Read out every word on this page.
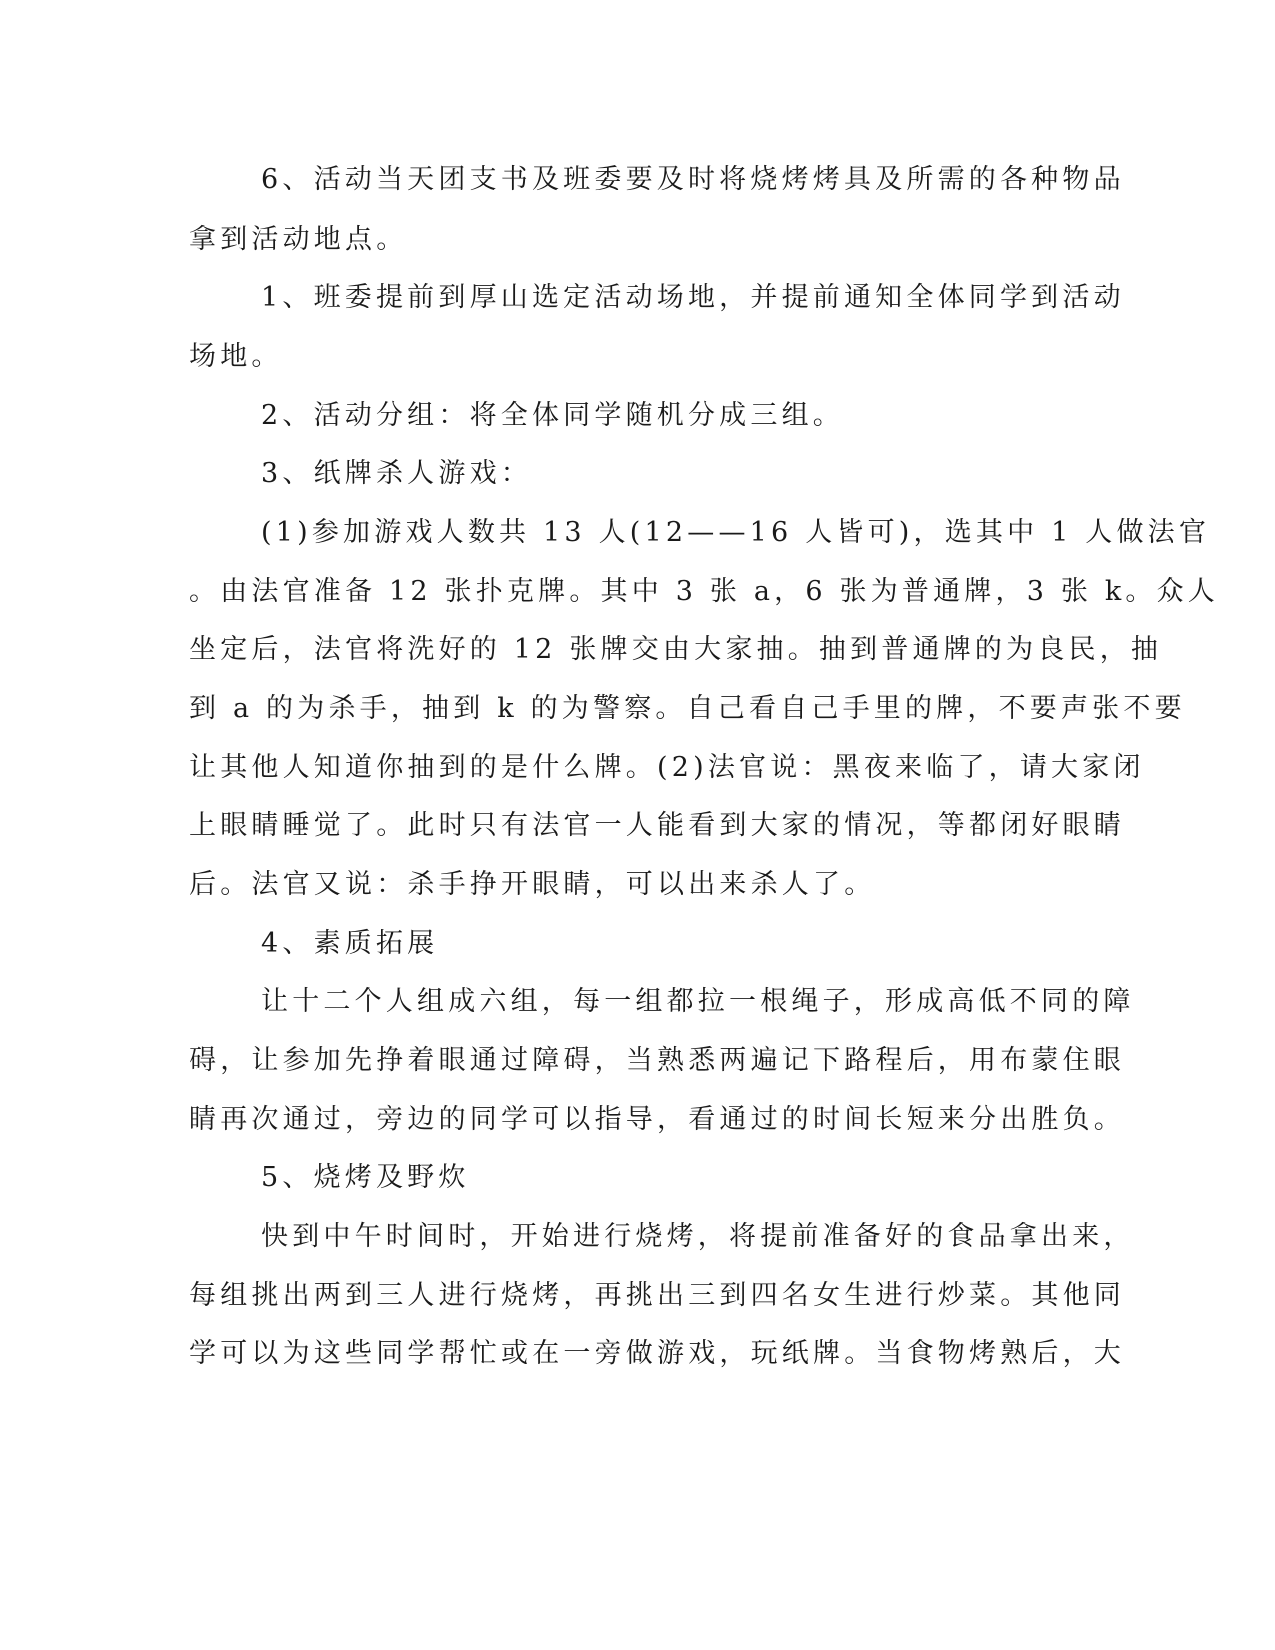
6、活动当天团支书及班委要及时将烧烤烤具及所需的各种物品
拿到活动地点。
1、班委提前到厚山选定活动场地，并提前通知全体同学到活动
场地。
2、活动分组：将全体同学随机分成三组。
3、纸牌杀人游戏：
(1)参加游戏人数共 13 人(12——16 人皆可)，选其中 1 人做法官
。由法官准备 12 张扑克牌。其中 3 张 a，6 张为普通牌，3 张 k。众人
坐定后，法官将洗好的 12 张牌交由大家抽。抽到普通牌的为良民，抽
到 a 的为杀手，抽到 k 的为警察。自己看自己手里的牌，不要声张不要
让其他人知道你抽到的是什么牌。(2)法官说：黑夜来临了，请大家闭
上眼睛睡觉了。此时只有法官一人能看到大家的情况，等都闭好眼睛
后。法官又说：杀手挣开眼睛，可以出来杀人了。
4、素质拓展
让十二个人组成六组，每一组都拉一根绳子，形成高低不同的障
碍，让参加先挣着眼通过障碍，当熟悉两遍记下路程后，用布蒙住眼
睛再次通过，旁边的同学可以指导，看通过的时间长短来分出胜负。
5、烧烤及野炊
快到中午时间时，开始进行烧烤，将提前准备好的食品拿出来，
每组挑出两到三人进行烧烤，再挑出三到四名女生进行炒菜。其他同
学可以为这些同学帮忙或在一旁做游戏，玩纸牌。当食物烤熟后，大
